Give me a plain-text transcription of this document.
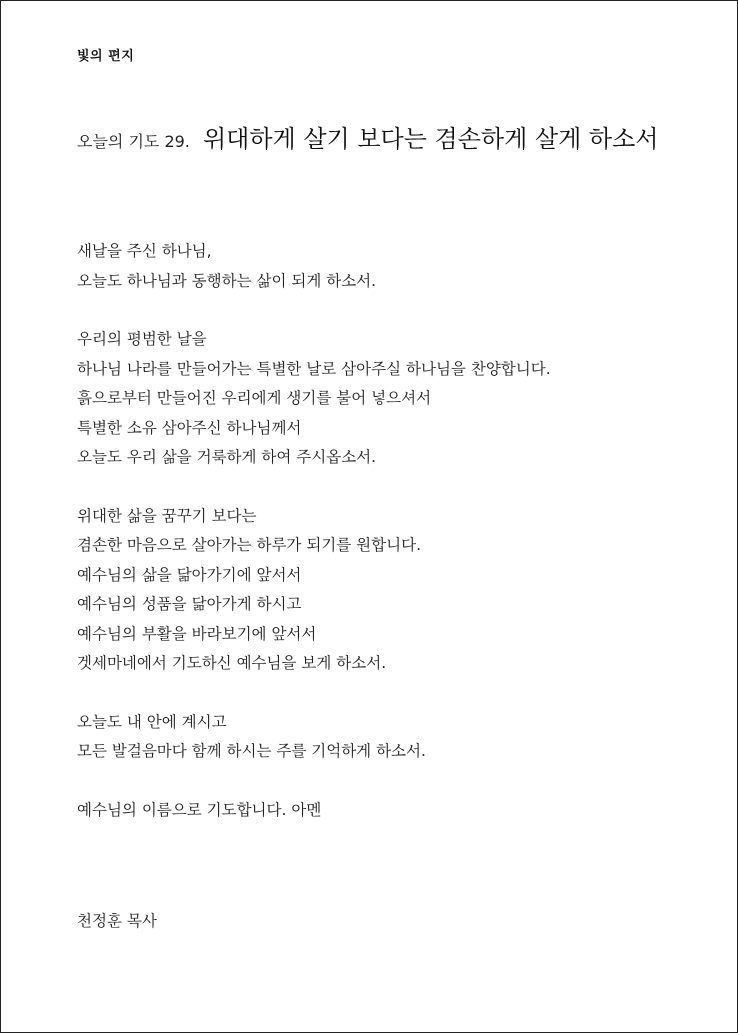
빛의 편지
오늘의 기도 29. 위대하게 살기 보다는 겸손하게 살게 하소서
새날을 주신 하나님,
오늘도 하나님과 동행하는 삶이 되게 하소서.
우리의 평범한 날을
하나님 나라를 만들어가는 특별한 날로 삼아주실 하나님을 찬양합니다.
흙으로부터 만들어진 우리에게 생기를 불어 넣으셔서
특별한 소유 삼아주신 하나님께서
오늘도 우리 삶을 거룩하게 하여 주시옵소서.
위대한 삶을 꿈꾸기 보다는
겸손한 마음으로 살아가는 하루가 되기를 원합니다.
예수님의 삶을 닮아가기에 앞서서
예수님의 성품을 닮아가게 하시고
예수님의 부활을 바라보기에 앞서서
겟세마네에서 기도하신 예수님을 보게 하소서.
오늘도 내 안에 계시고
모든 발걸음마다 함께 하시는 주를 기억하게 하소서.
예수님의 이름으로 기도합니다. 아멘
천정훈 목사
